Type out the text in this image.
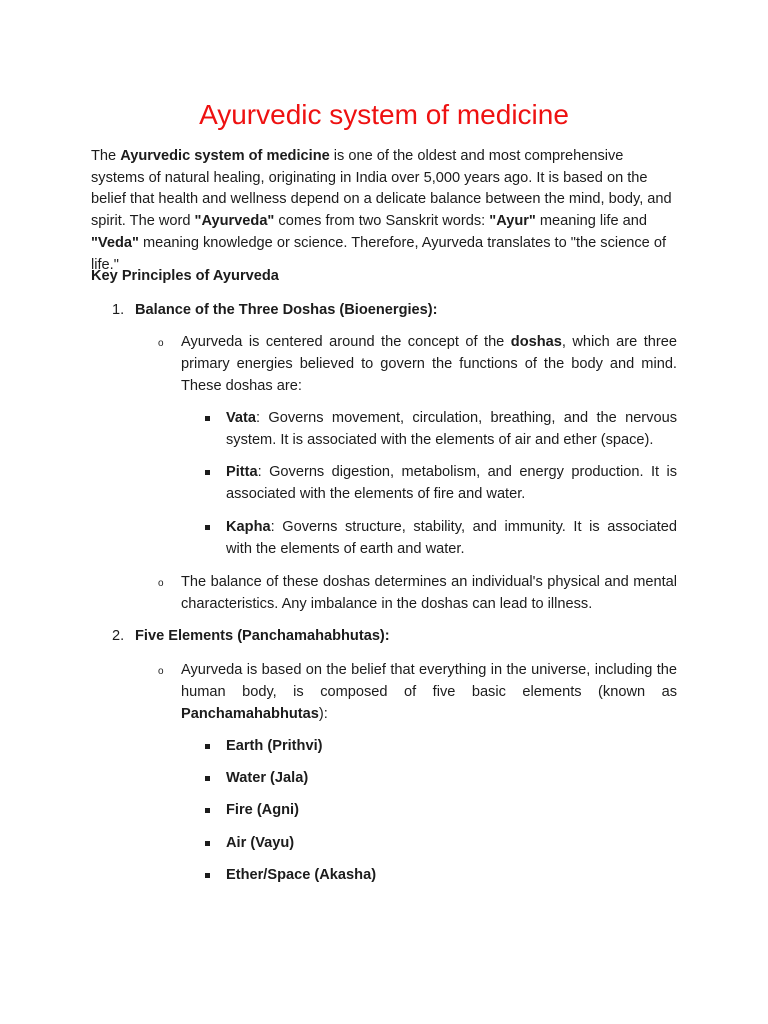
Ayurvedic system of medicine

The Ayurvedic system of medicine is one of the oldest and most comprehensive systems of natural healing, originating in India over 5,000 years ago. It is based on the belief that health and wellness depend on a delicate balance between the mind, body, and spirit. The word "Ayurveda" comes from two Sanskrit words: "Ayur" meaning life and "Veda" meaning knowledge or science. Therefore, Ayurveda translates to "the science of life."

Key Principles of Ayurveda

1. Balance of the Three Doshas (Bioenergies):
o Ayurveda is centered around the concept of the doshas, which are three primary energies believed to govern the functions of the body and mind. These doshas are:

Vata: Governs movement, circulation, breathing, and the nervous system. It is associated with the elements of air and ether (space).

Pitta: Governs digestion, metabolism, and energy production. It is associated with the elements of fire and water.

Kapha: Governs structure, stability, and immunity. It is associated with the elements of earth and water.

o The balance of these doshas determines an individual's physical and mental characteristics. Any imbalance in the doshas can lead to illness.

2. Five Elements (Panchamahabhutas):
o Ayurveda is based on the belief that everything in the universe, including the human body, is composed of five basic elements (known as Panchamahabhutas):

Earth (Prithvi)

Water (Jala)

Fire (Agni)

Air (Vayu)

Ether/Space (Akasha)
